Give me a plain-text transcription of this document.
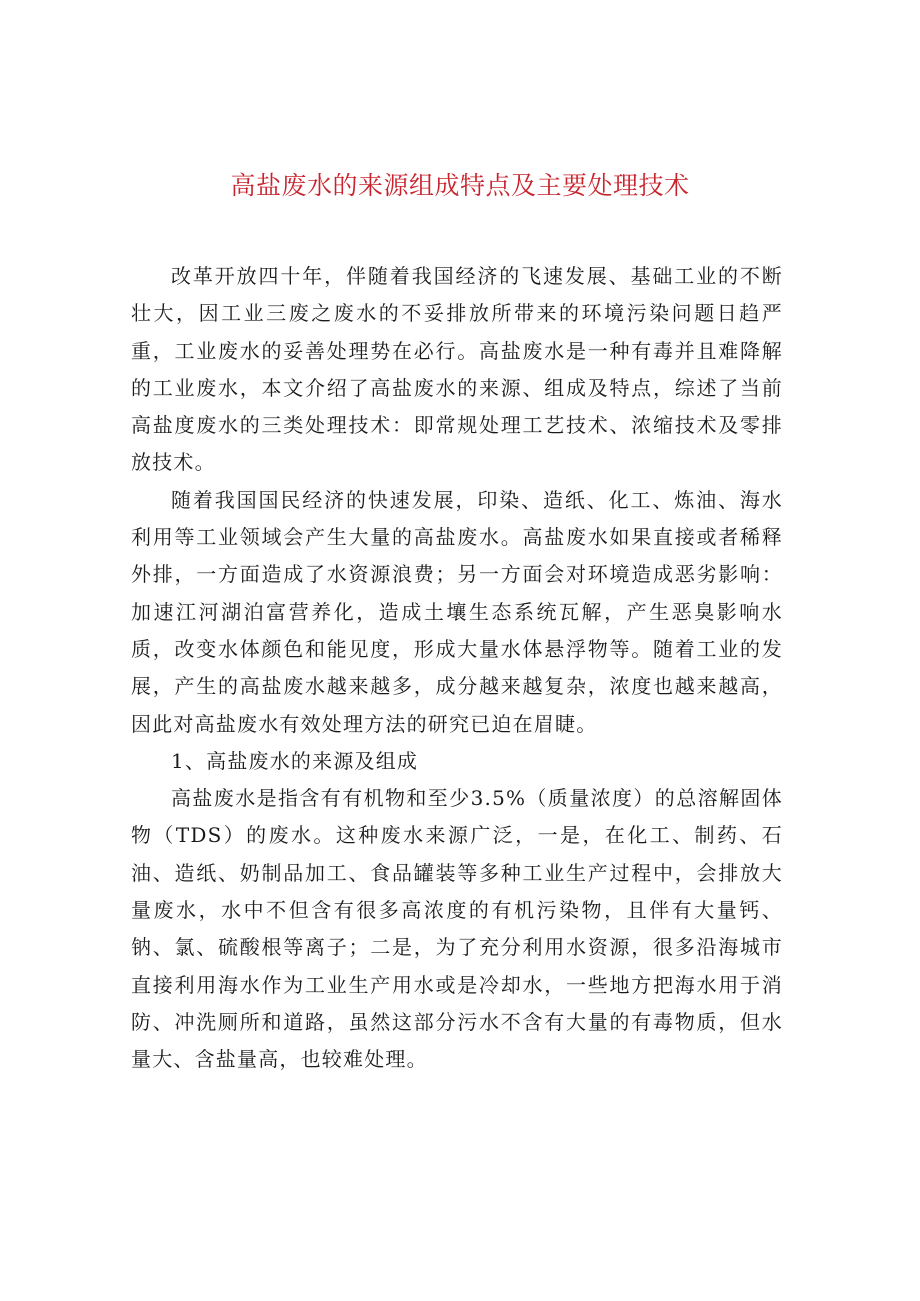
高盐废水的来源组成特点及主要处理技术

改革开放四十年，伴随着我国经济的飞速发展、基础工业的不断壮大，因工业三废之废水的不妥排放所带来的环境污染问题日趋严重，工业废水的妥善处理势在必行。高盐废水是一种有毒并且难降解的工业废水，本文介绍了高盐废水的来源、组成及特点，综述了当前高盐度废水的三类处理技术：即常规处理工艺技术、浓缩技术及零排放技术。

随着我国国民经济的快速发展，印染、造纸、化工、炼油、海水利用等工业领域会产生大量的高盐废水。高盐废水如果直接或者稀释外排，一方面造成了水资源浪费；另一方面会对环境造成恶劣影响：加速江河湖泊富营养化，造成土壤生态系统瓦解，产生恶臭影响水质，改变水体颜色和能见度，形成大量水体悬浮物等。随着工业的发展，产生的高盐废水越来越多，成分越来越复杂，浓度也越来越高，因此对高盐废水有效处理方法的研究已迫在眉睫。

1、高盐废水的来源及组成

高盐废水是指含有有机物和至少3.5%（质量浓度）的总溶解固体物（TDS）的废水。这种废水来源广泛，一是，在化工、制药、石油、造纸、奶制品加工、食品罐装等多种工业生产过程中，会排放大量废水，水中不但含有很多高浓度的有机污染物，且伴有大量钙、钠、氯、硫酸根等离子；二是，为了充分利用水资源，很多沿海城市直接利用海水作为工业生产用水或是冷却水，一些地方把海水用于消防、冲洗厕所和道路，虽然这部分污水不含有大量的有毒物质，但水量大、含盐量高，也较难处理。
